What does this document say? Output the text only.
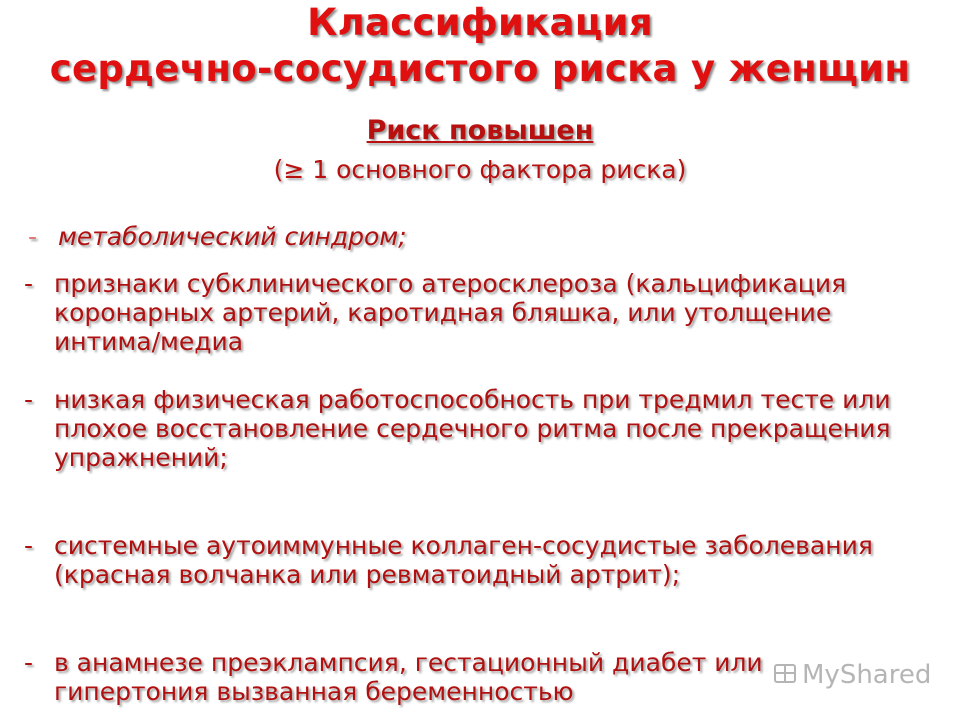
Классификация
сердечно-сосудистого риска у женщин
Риск повышен
(≥ 1 основного фактора риска)
- метаболический синдром;
- признаки субклинического атеросклероза (кальцификация коронарных артерий, каротидная бляшка, или утолщение интима/медиа
- низкая физическая работоспособность при тредмил тесте или плохое восстановление сердечного ритма после прекращения упражнений;
- системные аутоиммунные коллаген-сосудистые заболевания (красная волчанка или ревматоидный артрит);
- в анамнезе преэклампсия, гестационный диабет или гипертония вызванная беременностью
MyShared
